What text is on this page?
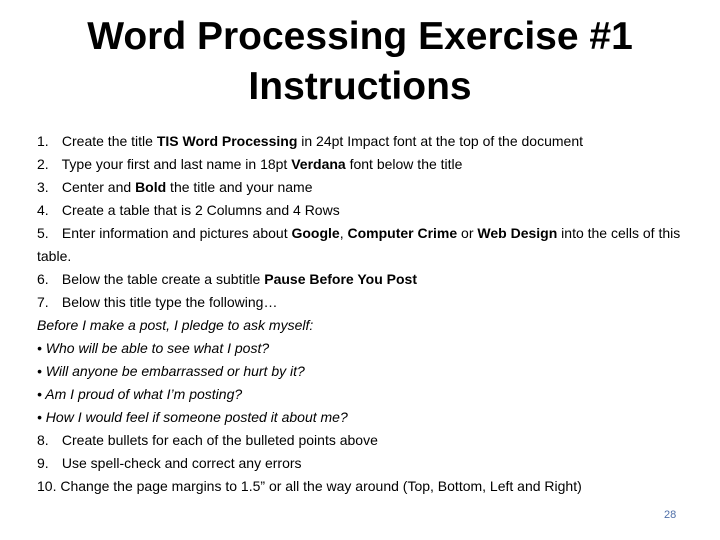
Word Processing Exercise #1
Instructions
1. Create the title TIS Word Processing in 24pt Impact font at the top of the document
2. Type your first and last name in 18pt Verdana font below the title
3. Center and Bold the title and your name
4. Create a table that is 2 Columns and 4 Rows
5. Enter information and pictures about Google, Computer Crime or Web Design into the cells of this table.
6. Below the table create a subtitle Pause Before You Post
7. Below this title type the following…
Before I make a post, I pledge to ask myself:
• Who will be able to see what I post?
• Will anyone be embarrassed or hurt by it?
• Am I proud of what I’m posting?
• How I would feel if someone posted it about me?
8. Create bullets for each of the bulleted points above
9. Use spell-check and correct any errors
10. Change the page margins to 1.5” or all the way around (Top, Bottom, Left and Right)
28
